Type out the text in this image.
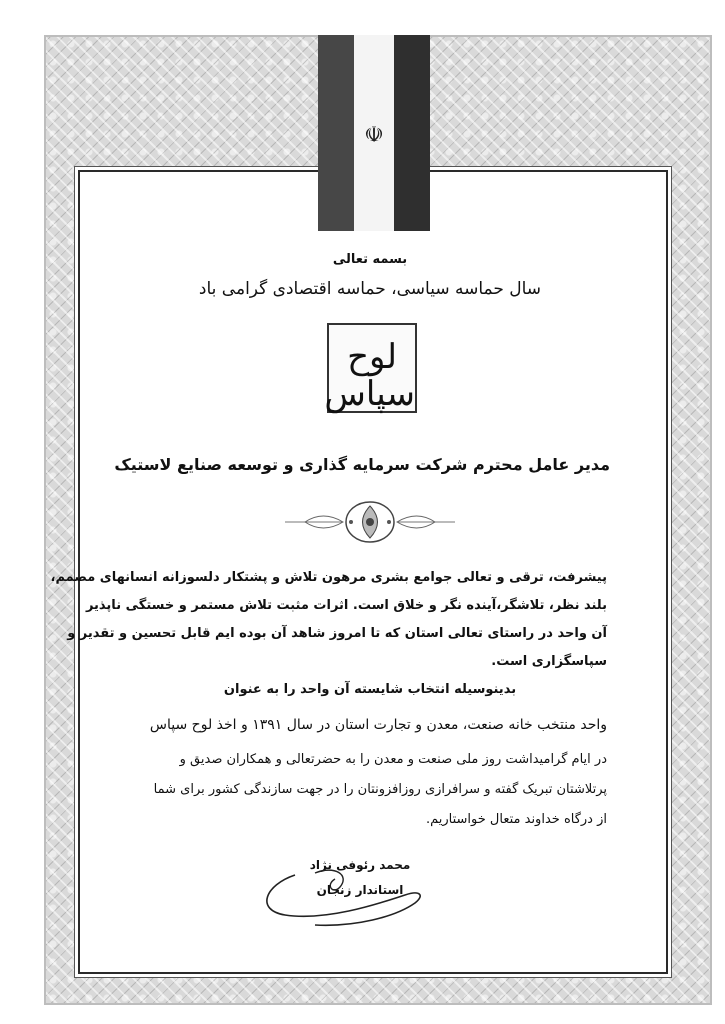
☫
بسمه تعالی
سال حماسه سیاسی، حماسه اقتصادی گرامی باد
لوح سپاس
مدیر عامل محترم شرکت سرمایه گذاری و توسعه صنایع لاستیک
پیشرفت، ترقی و تعالی جوامع بشری مرهون تلاش و پشتکار دلسوزانه انسانهای مصمم،
بلند نظر، تلاشگر،آینده نگر و خلاق است. اثرات مثبت تلاش مستمر و خستگی ناپذیر
آن واحد در راستای تعالی استان که تا امروز شاهد آن بوده ایم قابل تحسین و تقدیر و
سپاسگزاری است.
بدینوسیله انتخاب شایسته آن واحد را به عنوان
واحد منتخب خانه صنعت، معدن و تجارت استان در سال ۱۳۹۱ و اخذ لوح سپاس
در ایام گرامیداشت روز ملی صنعت و معدن را به حضرتعالی و همکاران صدیق و
پرتلاشتان تبریک گفته و سرافرازی روزافزونتان را در جهت سازندگی کشور برای شما
از درگاه خداوند متعال خواستاریم.
محمد رئوفی نژاد
استاندار زنجان
